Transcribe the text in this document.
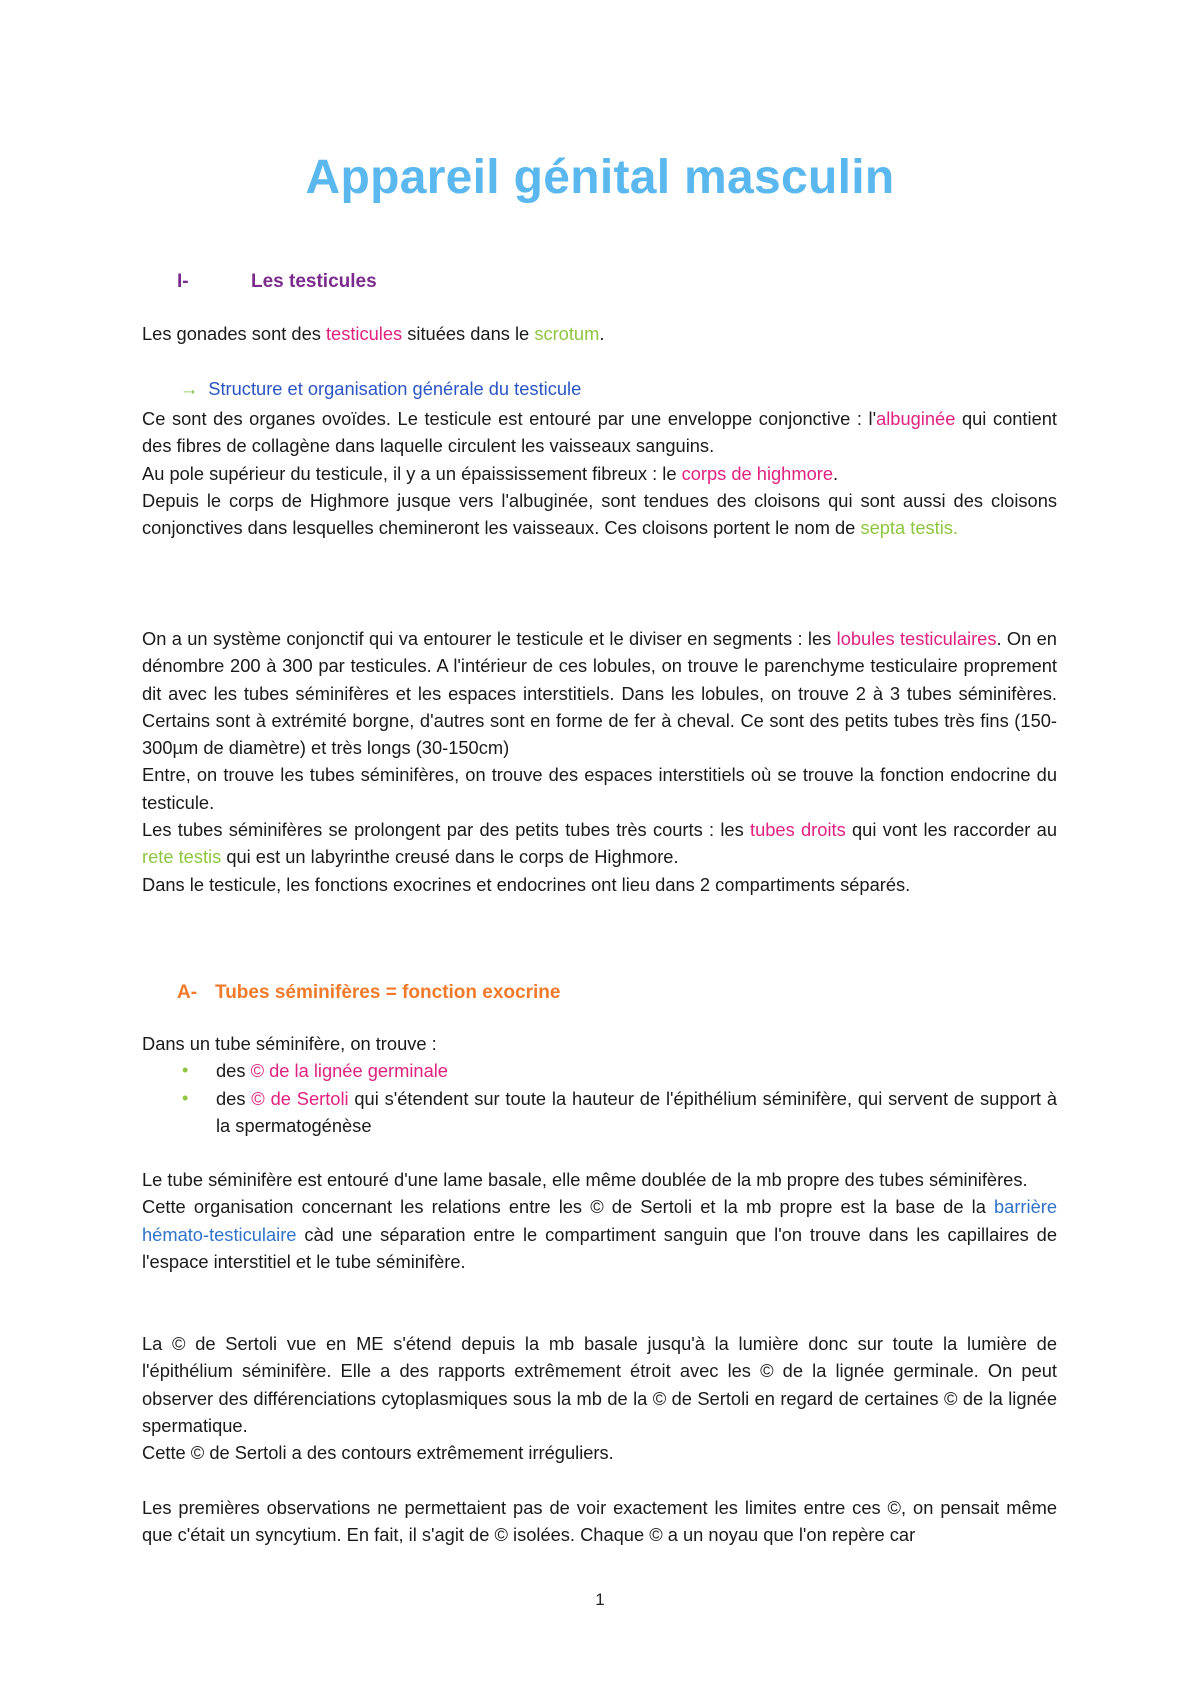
Appareil génital masculin
I-	Les testicules

Les gonades sont des testicules situées dans le scrotum.

→ Structure et organisation générale du testicule

Ce sont des organes ovoïdes. Le testicule est entouré par une enveloppe conjonctive : l'albuginée qui contient des fibres de collagène dans laquelle circulent les vaisseaux sanguins.

Au pole supérieur du testicule, il y a un épaississement fibreux : le corps de highmore.

Depuis le corps de Highmore jusque vers l'albuginée, sont tendues des cloisons qui sont aussi des cloisons conjonctives dans lesquelles chemineront les vaisseaux. Ces cloisons portent le nom de septa testis.

On a un système conjonctif qui va entourer le testicule et le diviser en segments : les lobules testiculaires. On en dénombre 200 à 300 par testicules. A l'intérieur de ces lobules, on trouve le parenchyme testiculaire proprement dit avec les tubes séminifères et les espaces interstitiels. Dans les lobules, on trouve 2 à 3 tubes séminifères. Certains sont à extrémité borgne, d'autres sont en forme de fer à cheval. Ce sont des petits tubes très fins (150-300µm de diamètre) et très longs (30-150cm)

Entre, on trouve les tubes séminifères, on trouve des espaces interstitiels où se trouve la fonction endocrine du testicule.

Les tubes séminifères se prolongent par des petits tubes très courts : les tubes droits qui vont les raccorder au rete testis qui est un labyrinthe creusé dans le corps de Highmore.

Dans le testicule, les fonctions exocrines et endocrines ont lieu dans 2 compartiments séparés.

A- Tubes séminifères = fonction exocrine

Dans un tube séminifère, on trouve :

• des © de la lignée germinale
• des © de Sertoli qui s'étendent sur toute la hauteur de l'épithélium séminifère, qui servent de support à la spermatogénèse

Le tube séminifère est entouré d'une lame basale, elle même doublée de la mb propre des tubes séminifères.

Cette organisation concernant les relations entre les © de Sertoli et la mb propre est la base de la barrière hémato-testiculaire càd une séparation entre le compartiment sanguin que l'on trouve dans les capillaires de l'espace interstitiel et le tube séminifère.

La © de Sertoli vue en ME s'étend depuis la mb basale jusqu'à la lumière donc sur toute la lumière de l'épithélium séminifère. Elle a des rapports extrêmement étroit avec les © de la lignée germinale. On peut observer des différenciations cytoplasmiques sous la mb de la © de Sertoli en regard de certaines © de la lignée spermatique.

Cette © de Sertoli a des contours extrêmement irréguliers.

Les premières observations ne permettaient pas de voir exactement les limites entre ces ©, on pensait même que c'était un syncytium. En fait, il s'agit de © isolées. Chaque © a un noyau que l'on repère car

1
